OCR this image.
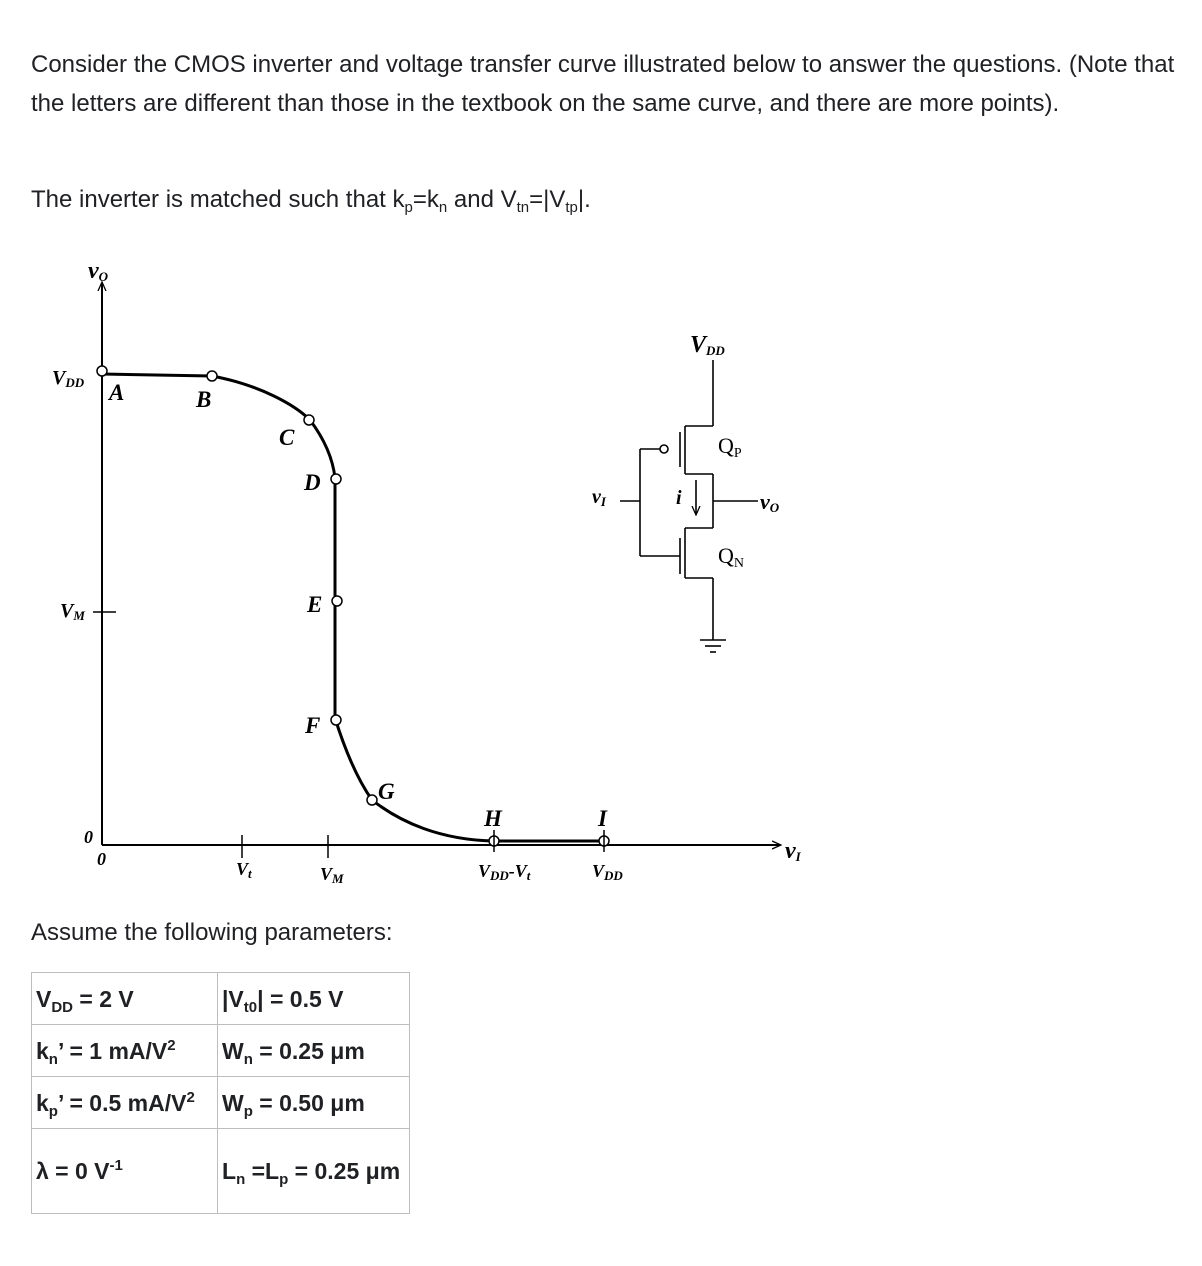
Consider the CMOS inverter and voltage transfer curve illustrated below to answer the questions. (Note that the letters are different than those in the textbook on the same curve, and there are more points).

The inverter is matched such that $k_p=k_n$ and $V_{tn}=|V_{tp}|$.

vO
vI
VDD
VM
0
0	Vt	VM	VDD-Vt	VDD
A	B
C
D
E
F
G
H	I
VDD
QP
QN
vI	vO
i

Assume the following parameters:

$V_{DD} = 2$ V	$|V_{t0}| = 0.5$ V
$k_n$’ = 1 $mA/V^2$	$W_n = 0.25$ μm
$k_p$’ = 0.5 $mA/V^2$	$W_p = 0.50$ μm
λ = 0 $V^{-1}$	$L_n =L_p = 0.25$ μm
